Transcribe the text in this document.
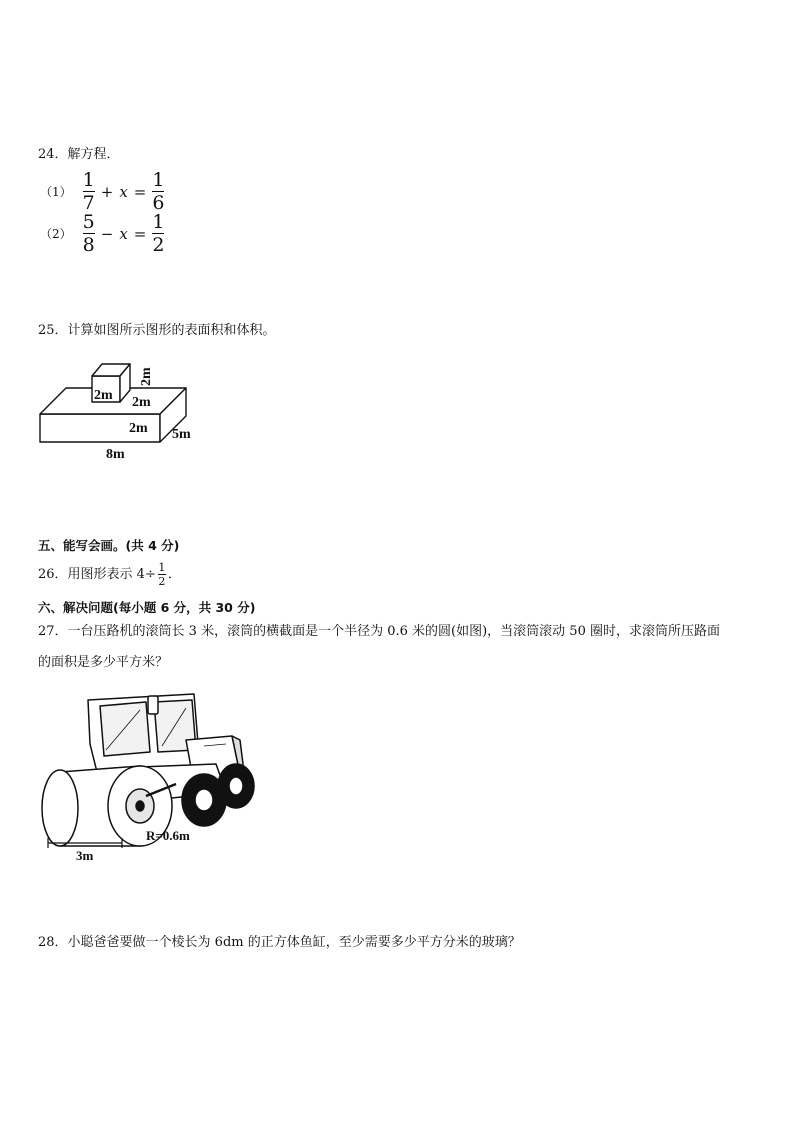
24．解方程．
$(1) \frac{1}{7} + x = \frac{1}{6}$
$(2) \frac{5}{8} - x = \frac{1}{2}$
25．计算如图所示图形的表面积和体积。
2m
2m
2m
2m 5m
8m
五、能写会画。(共 4 分)
26．用图形表示 4÷ 1
2 ．
六、解决问题(每小题 6 分，共 30 分)
27．一台压路机的滚筒长 3 米，滚筒的横截面是一个半径为 0.6 米的圆(如图)，当滚筒滚动 50 圈时，求滚筒所压路面
的面积是多少平方米？
R=0.6m
3m
28．小聪爸爸要做一个棱长为 6dm 的正方体鱼缸，至少需要多少平方分米的玻璃？
